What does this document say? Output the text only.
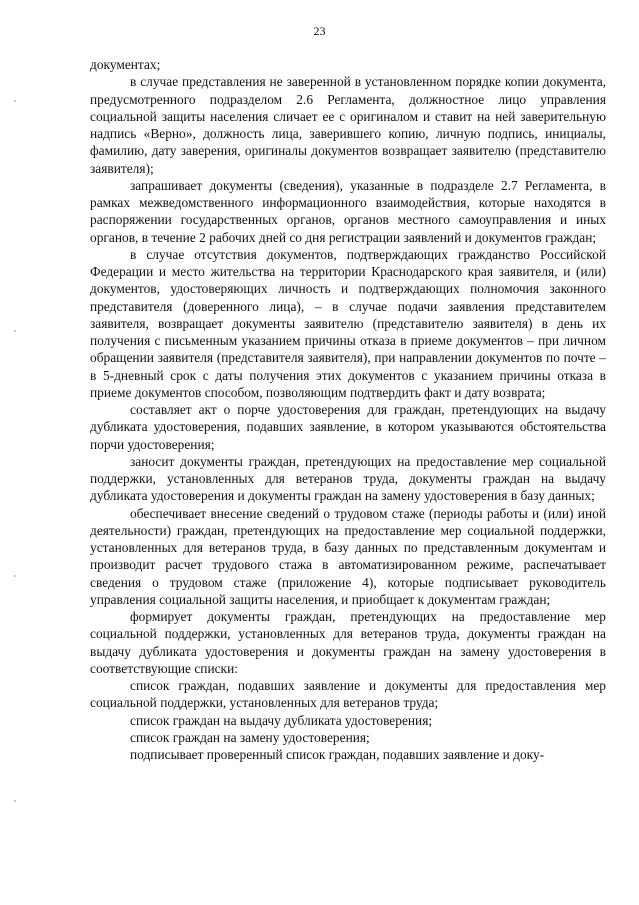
23

документах;

в случае представления не заверенной в установленном порядке копии документа, предусмотренного подразделом 2.6 Регламента, должностное лицо управления социальной защиты населения сличает ее с оригиналом и ставит на ней заверительную надпись «Верно», должность лица, заверившего копию, личную подпись, инициалы, фамилию, дату заверения, оригиналы документов возвращает заявителю (представителю заявителя);

запрашивает документы (сведения), указанные в подразделе 2.7 Регламента, в рамках межведомственного информационного взаимодействия, которые находятся в распоряжении государственных органов, органов местного самоуправления и иных органов, в течение 2 рабочих дней со дня регистрации заявлений и документов граждан;

в случае отсутствия документов, подтверждающих гражданство Российской Федерации и место жительства на территории Краснодарского края заявителя, и (или) документов, удостоверяющих личность и подтверждающих полномочия законного представителя (доверенного лица), – в случае подачи заявления представителем заявителя, возвращает документы заявителю (представителю заявителя) в день их получения с письменным указанием причины отказа в приеме документов – при личном обращении заявителя (представителя заявителя), при направлении документов по почте – в 5-дневный срок с даты получения этих документов с указанием причины отказа в приеме документов способом, позволяющим подтвердить факт и дату возврата;

составляет акт о порче удостоверения для граждан, претендующих на выдачу дубликата удостоверения, подавших заявление, в котором указываются обстоятельства порчи удостоверения;

заносит документы граждан, претендующих на предоставление мер социальной поддержки, установленных для ветеранов труда, документы граждан на выдачу дубликата удостоверения и документы граждан на замену удостоверения в базу данных;

обеспечивает внесение сведений о трудовом стаже (периоды работы и (или) иной деятельности) граждан, претендующих на предоставление мер социальной поддержки, установленных для ветеранов труда, в базу данных по представленным документам и производит расчет трудового стажа в автоматизированном режиме, распечатывает сведения о трудовом стаже (приложение 4), которые подписывает руководитель управления социальной защиты населения, и приобщает к документам граждан;

формирует документы граждан, претендующих на предоставление мер социальной поддержки, установленных для ветеранов труда, документы граждан на выдачу дубликата удостоверения и документы граждан на замену удостоверения в соответствующие списки:

список граждан, подавших заявление и документы для предоставления мер социальной поддержки, установленных для ветеранов труда;

список граждан на выдачу дубликата удостоверения;

список граждан на замену удостоверения;

подписывает проверенный список граждан, подавших заявление и доку-
